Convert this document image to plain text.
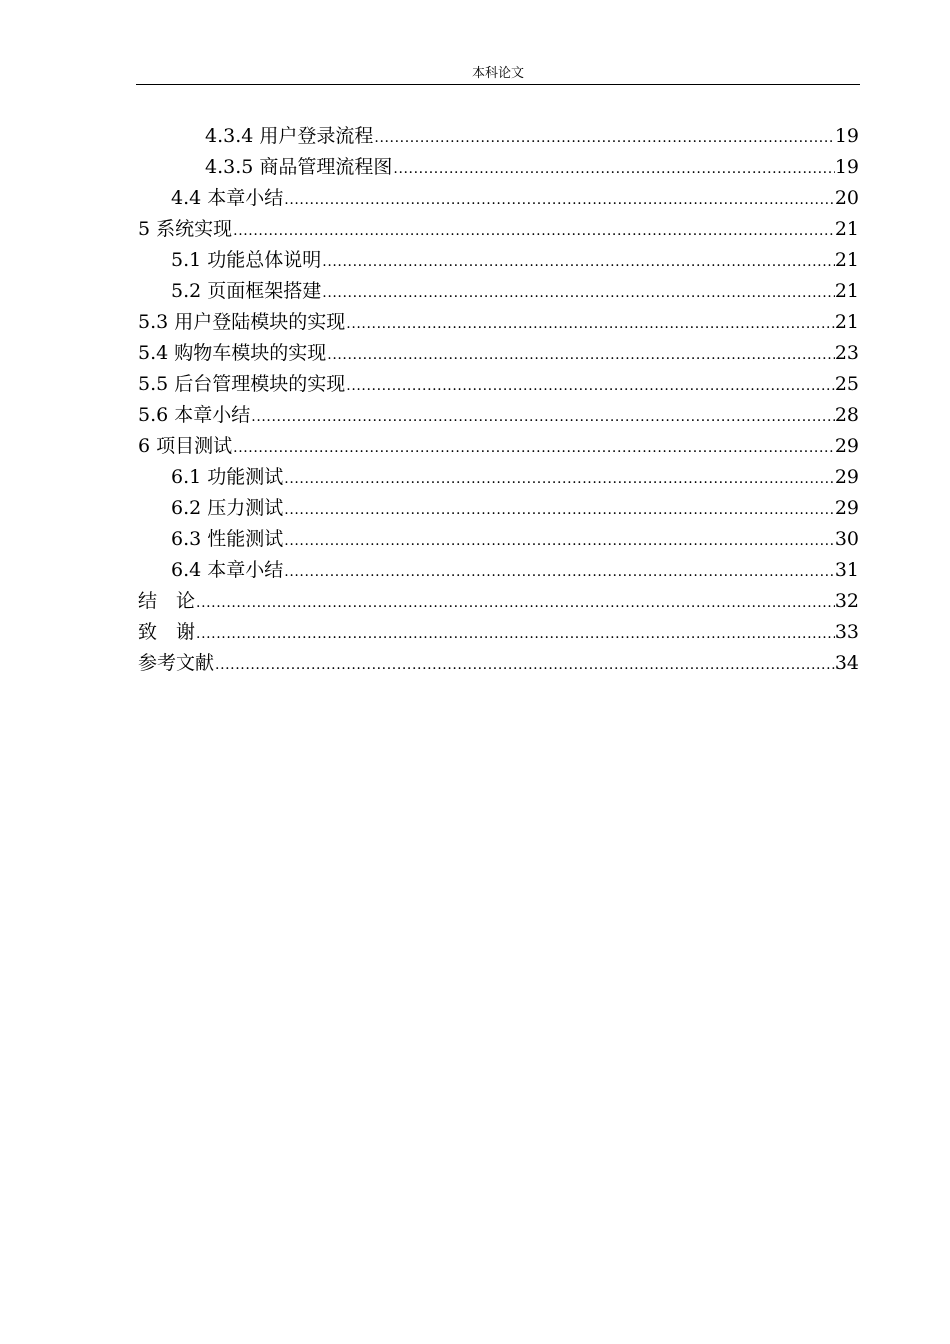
本科论文
4.3.4 用户登录流程 .....	19
4.3.5 商品管理流程图 .....	19
4.4 本章小结 .....	20
5 系统实现 .....	21
5.1 功能总体说明 .....	21
5.2 页面框架搭建 .....	21
5.3 用户登陆模块的实现 .....	21
5.4 购物车模块的实现 .....	23
5.5 后台管理模块的实现 .....	25
5.6 本章小结 .....	28
6 项目测试 .....	29
6.1 功能测试 .....	29
6.2 压力测试 .....	29
6.3 性能测试 .....	30
6.4 本章小结 .....	31
结　论 .....	32
致　谢 .....	33
参考文献 .....	34
